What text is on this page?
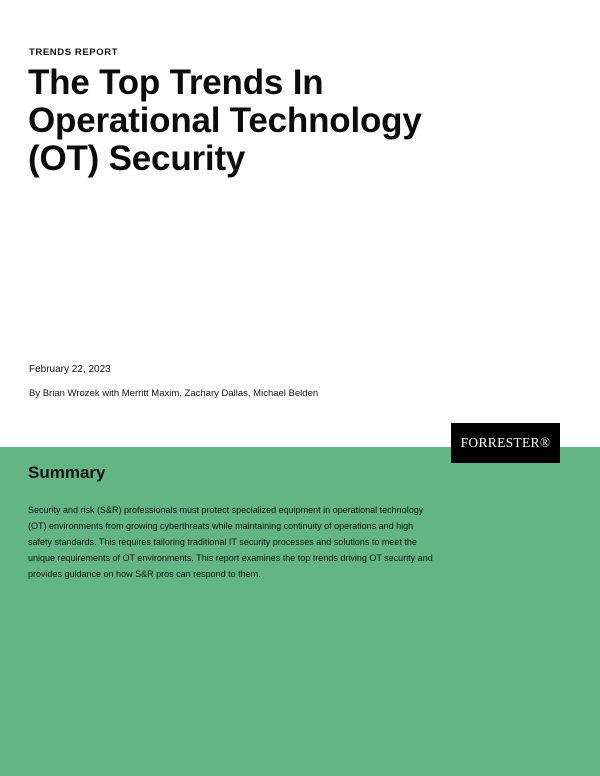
TRENDS REPORT
The Top Trends In
Operational Technology
(OT) Security
February 22, 2023
By Brian Wrozek with Merritt Maxim, Zachary Dallas, Michael Belden
FORRESTER®
Summary

Security and risk (S&R) professionals must protect specialized equipment in operational technology (OT) environments from growing cyberthreats while maintaining continuity of operations and high safety standards. This requires tailoring traditional IT security processes and solutions to meet the unique requirements of OT environments. This report examines the top trends driving OT security and provides guidance on how S&R pros can respond to them.
